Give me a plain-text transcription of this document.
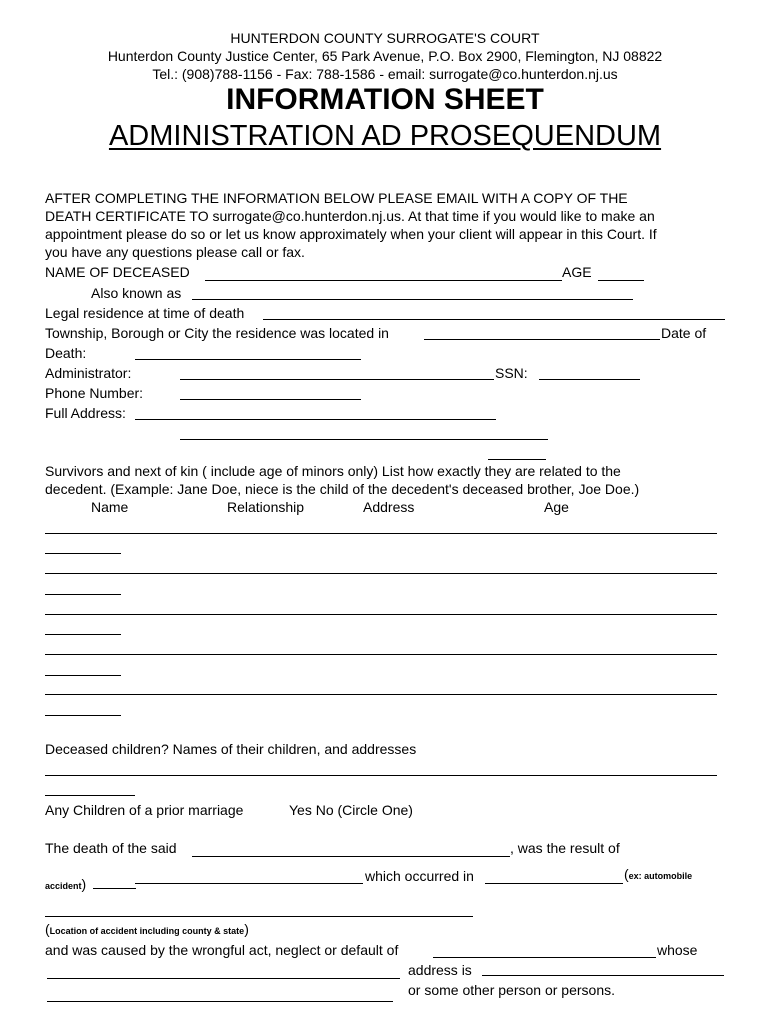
HUNTERDON COUNTY SURROGATE'S COURT
Hunterdon County Justice Center, 65 Park Avenue, P.O. Box 2900, Flemington, NJ 08822
Tel.: (908)788-1156 - Fax: 788-1586 - email: surrogate@co.hunterdon.nj.us
INFORMATION SHEET
ADMINISTRATION AD PROSEQUENDUM
AFTER COMPLETING THE INFORMATION BELOW PLEASE EMAIL WITH A COPY OF THE
DEATH CERTIFICATE TO surrogate@co.hunterdon.nj.us. At that time if you would like to make an
appointment please do so or let us know approximately when your client will appear in this Court. If
you have any questions please call or fax.
NAME OF DECEASED	AGE
Also known as
Legal residence at time of death
Township, Borough or City the residence was located in	Date of
Death:
Administrator:	SSN:
Phone Number:
Full Address:
Survivors and next of kin ( include age of minors only) List how exactly they are related to the
decedent. (Example: Jane Doe, niece is the child of the decedent's deceased brother, Joe Doe.)
Name	Relationship	Address	Age
Deceased children? Names of their children, and addresses
Any Children of a prior marriage	Yes No (Circle One)
The death of the said	, was the result of
which occurred in	(ex: automobile
accident)
(Location of accident including county & state)
and was caused by the wrongful act, neglect or default of	whose
address is
or some other person or persons.
